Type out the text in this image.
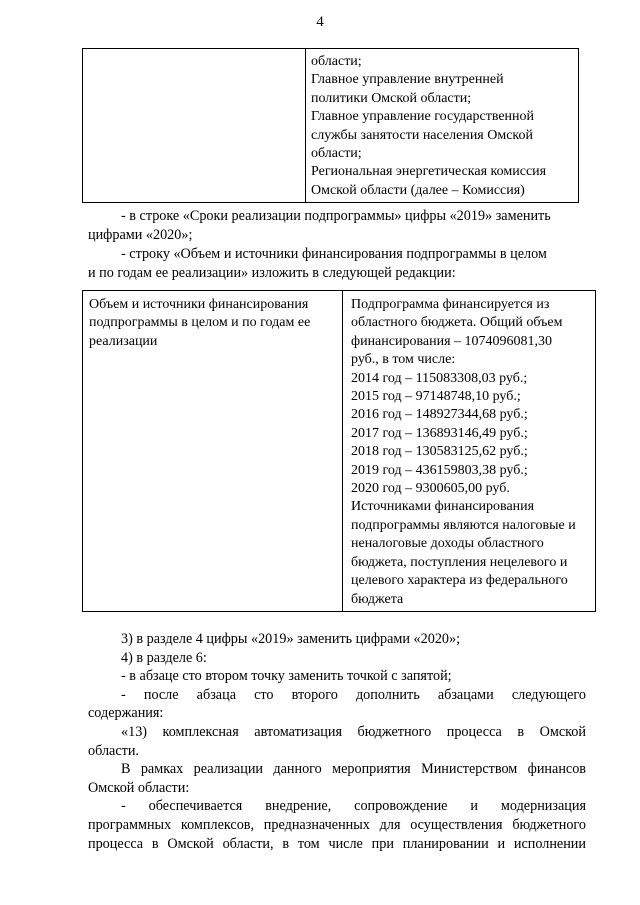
4

области;
Главное управление внутренней
политики Омской области;
Главное управление государственной
службы занятости населения Омской
области;
Региональная энергетическая комиссия
Омской области (далее – Комиссия)
- в строке «Сроки реализации подпрограммы» цифры «2019» заменить
цифрами «2020»;
- строку «Объем и источники финансирования подпрограммы в целом
и по годам ее реализации» изложить в следующей редакции:
Объем и источники финансирования
подпрограммы в целом и по годам ее
реализации

Подпрограмма финансируется из
областного бюджета. Общий объем
финансирования – 1074096081,30
руб., в том числе:
2014 год – 115083308,03 руб.;
2015 год – 97148748,10 руб.;
2016 год – 148927344,68 руб.;
2017 год – 136893146,49 руб.;
2018 год – 130583125,62 руб.;
2019 год – 436159803,38 руб.;
2020 год – 9300605,00 руб.
Источниками финансирования
подпрограммы являются налоговые и
неналоговые доходы областного
бюджета, поступления нецелевого и
целевого характера из федерального
бюджета
3) в разделе 4 цифры «2019» заменить цифрами «2020»;
4) в разделе 6:
- в абзаце сто втором точку заменить точкой с запятой;
- после абзаца сто второго дополнить абзацами следующего
содержания:
«13) комплексная автоматизация бюджетного процесса в Омской
области.
В рамках реализации данного мероприятия Министерством финансов
Омской области:
- обеспечивается внедрение, сопровождение и модернизация
программных комплексов, предназначенных для осуществления бюджетного
процесса в Омской области, в том числе при планировании и исполнении
